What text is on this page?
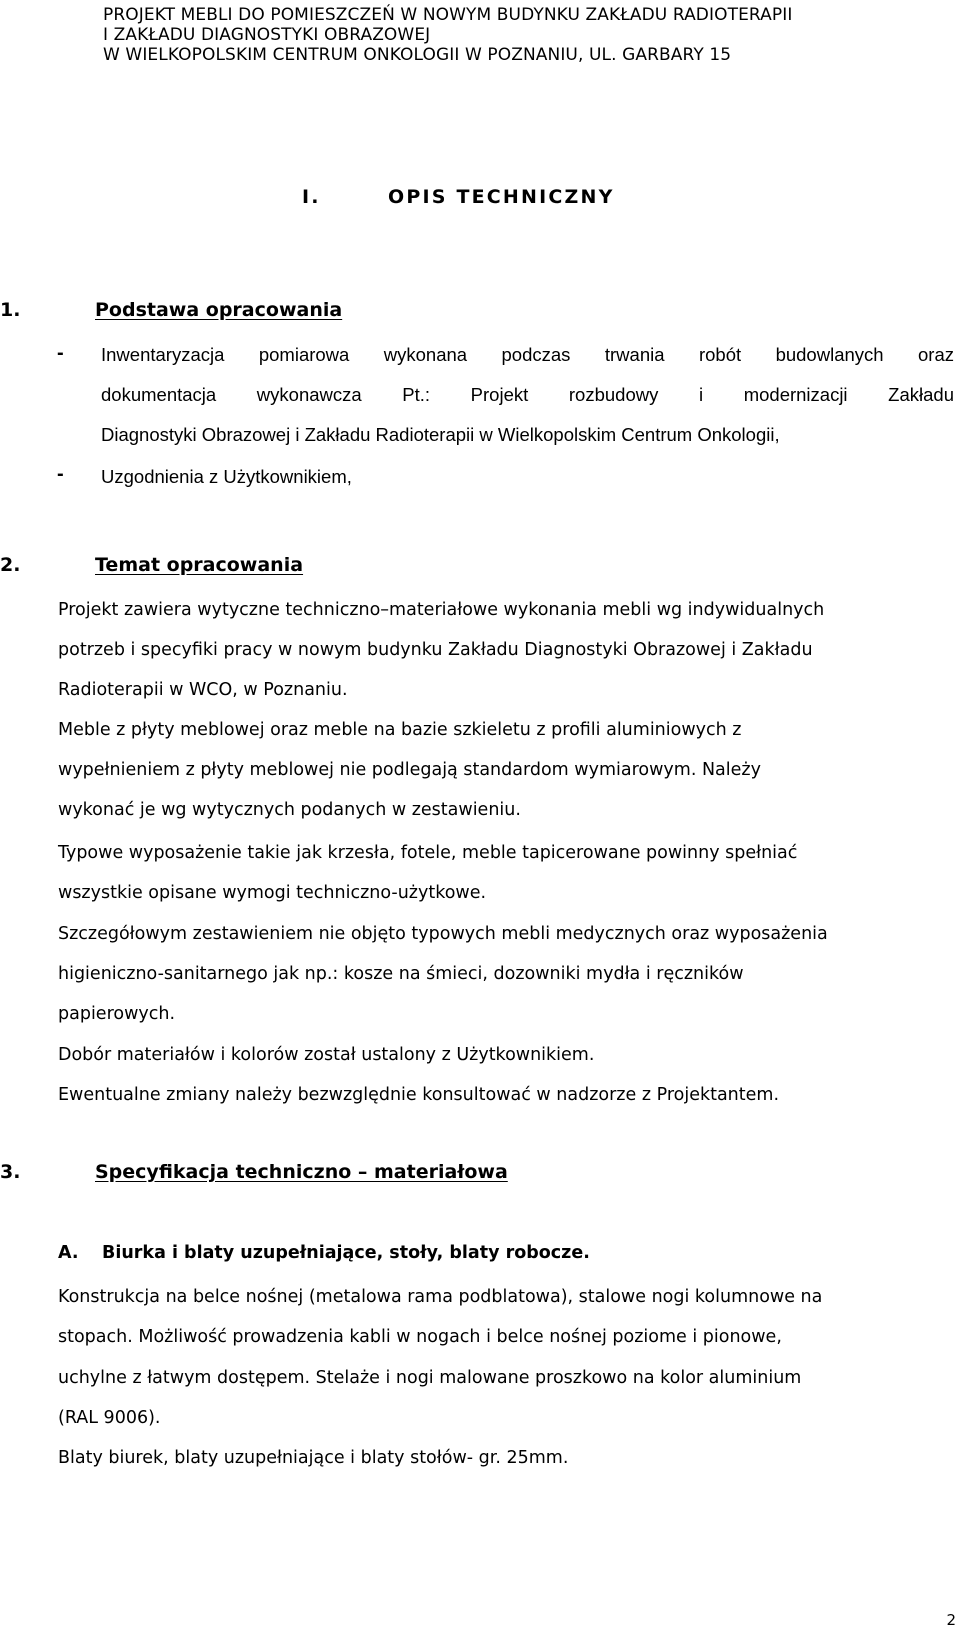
PROJEKT MEBLI DO POMIESZCZEŃ W NOWYM BUDYNKU ZAKŁADU RADIOTERAPII
I ZAKŁADU DIAGNOSTYKI OBRAZOWEJ
W WIELKOPOLSKIM CENTRUM ONKOLOGII W POZNANIU, UL. GARBARY 15
I.	OPIS TECHNICZNY
1.	Podstawa opracowania
- Inwentaryzacja pomiarowa wykonana podczas trwania robót budowlanych oraz
dokumentacja wykonawcza Pt.: Projekt rozbudowy i modernizacji Zakładu
Diagnostyki Obrazowej i Zakładu Radioterapii w Wielkopolskim Centrum Onkologii,
- Uzgodnienia z Użytkownikiem,
2.	Temat opracowania
Projekt zawiera wytyczne techniczno–materiałowe wykonania mebli wg indywidualnych
potrzeb i specyfiki pracy w nowym budynku Zakładu Diagnostyki Obrazowej i Zakładu
Radioterapii w WCO, w Poznaniu.
Meble z płyty meblowej oraz meble na bazie szkieletu z profili aluminiowych z
wypełnieniem z płyty meblowej nie podlegają standardom wymiarowym. Należy
wykonać je wg wytycznych podanych w zestawieniu.
Typowe wyposażenie takie jak krzesła, fotele, meble tapicerowane powinny spełniać
wszystkie opisane wymogi techniczno-użytkowe.
Szczegółowym zestawieniem nie objęto typowych mebli medycznych oraz wyposażenia
higieniczno-sanitarnego jak np.: kosze na śmieci, dozowniki mydła i ręczników
papierowych.
Dobór materiałów i kolorów został ustalony z Użytkownikiem.
Ewentualne zmiany należy bezwzględnie konsultować w nadzorze z Projektantem.
3.	Specyfikacja techniczno – materiałowa
A. Biurka i blaty uzupełniające, stoły, blaty robocze.
Konstrukcja na belce nośnej (metalowa rama podblatowa), stalowe nogi kolumnowe na
stopach. Możliwość prowadzenia kabli w nogach i belce nośnej poziome i pionowe,
uchylne z łatwym dostępem. Stelaże i nogi malowane proszkowo na kolor aluminium
(RAL 9006).
Blaty biurek, blaty uzupełniające i blaty stołów- gr. 25mm.
2
